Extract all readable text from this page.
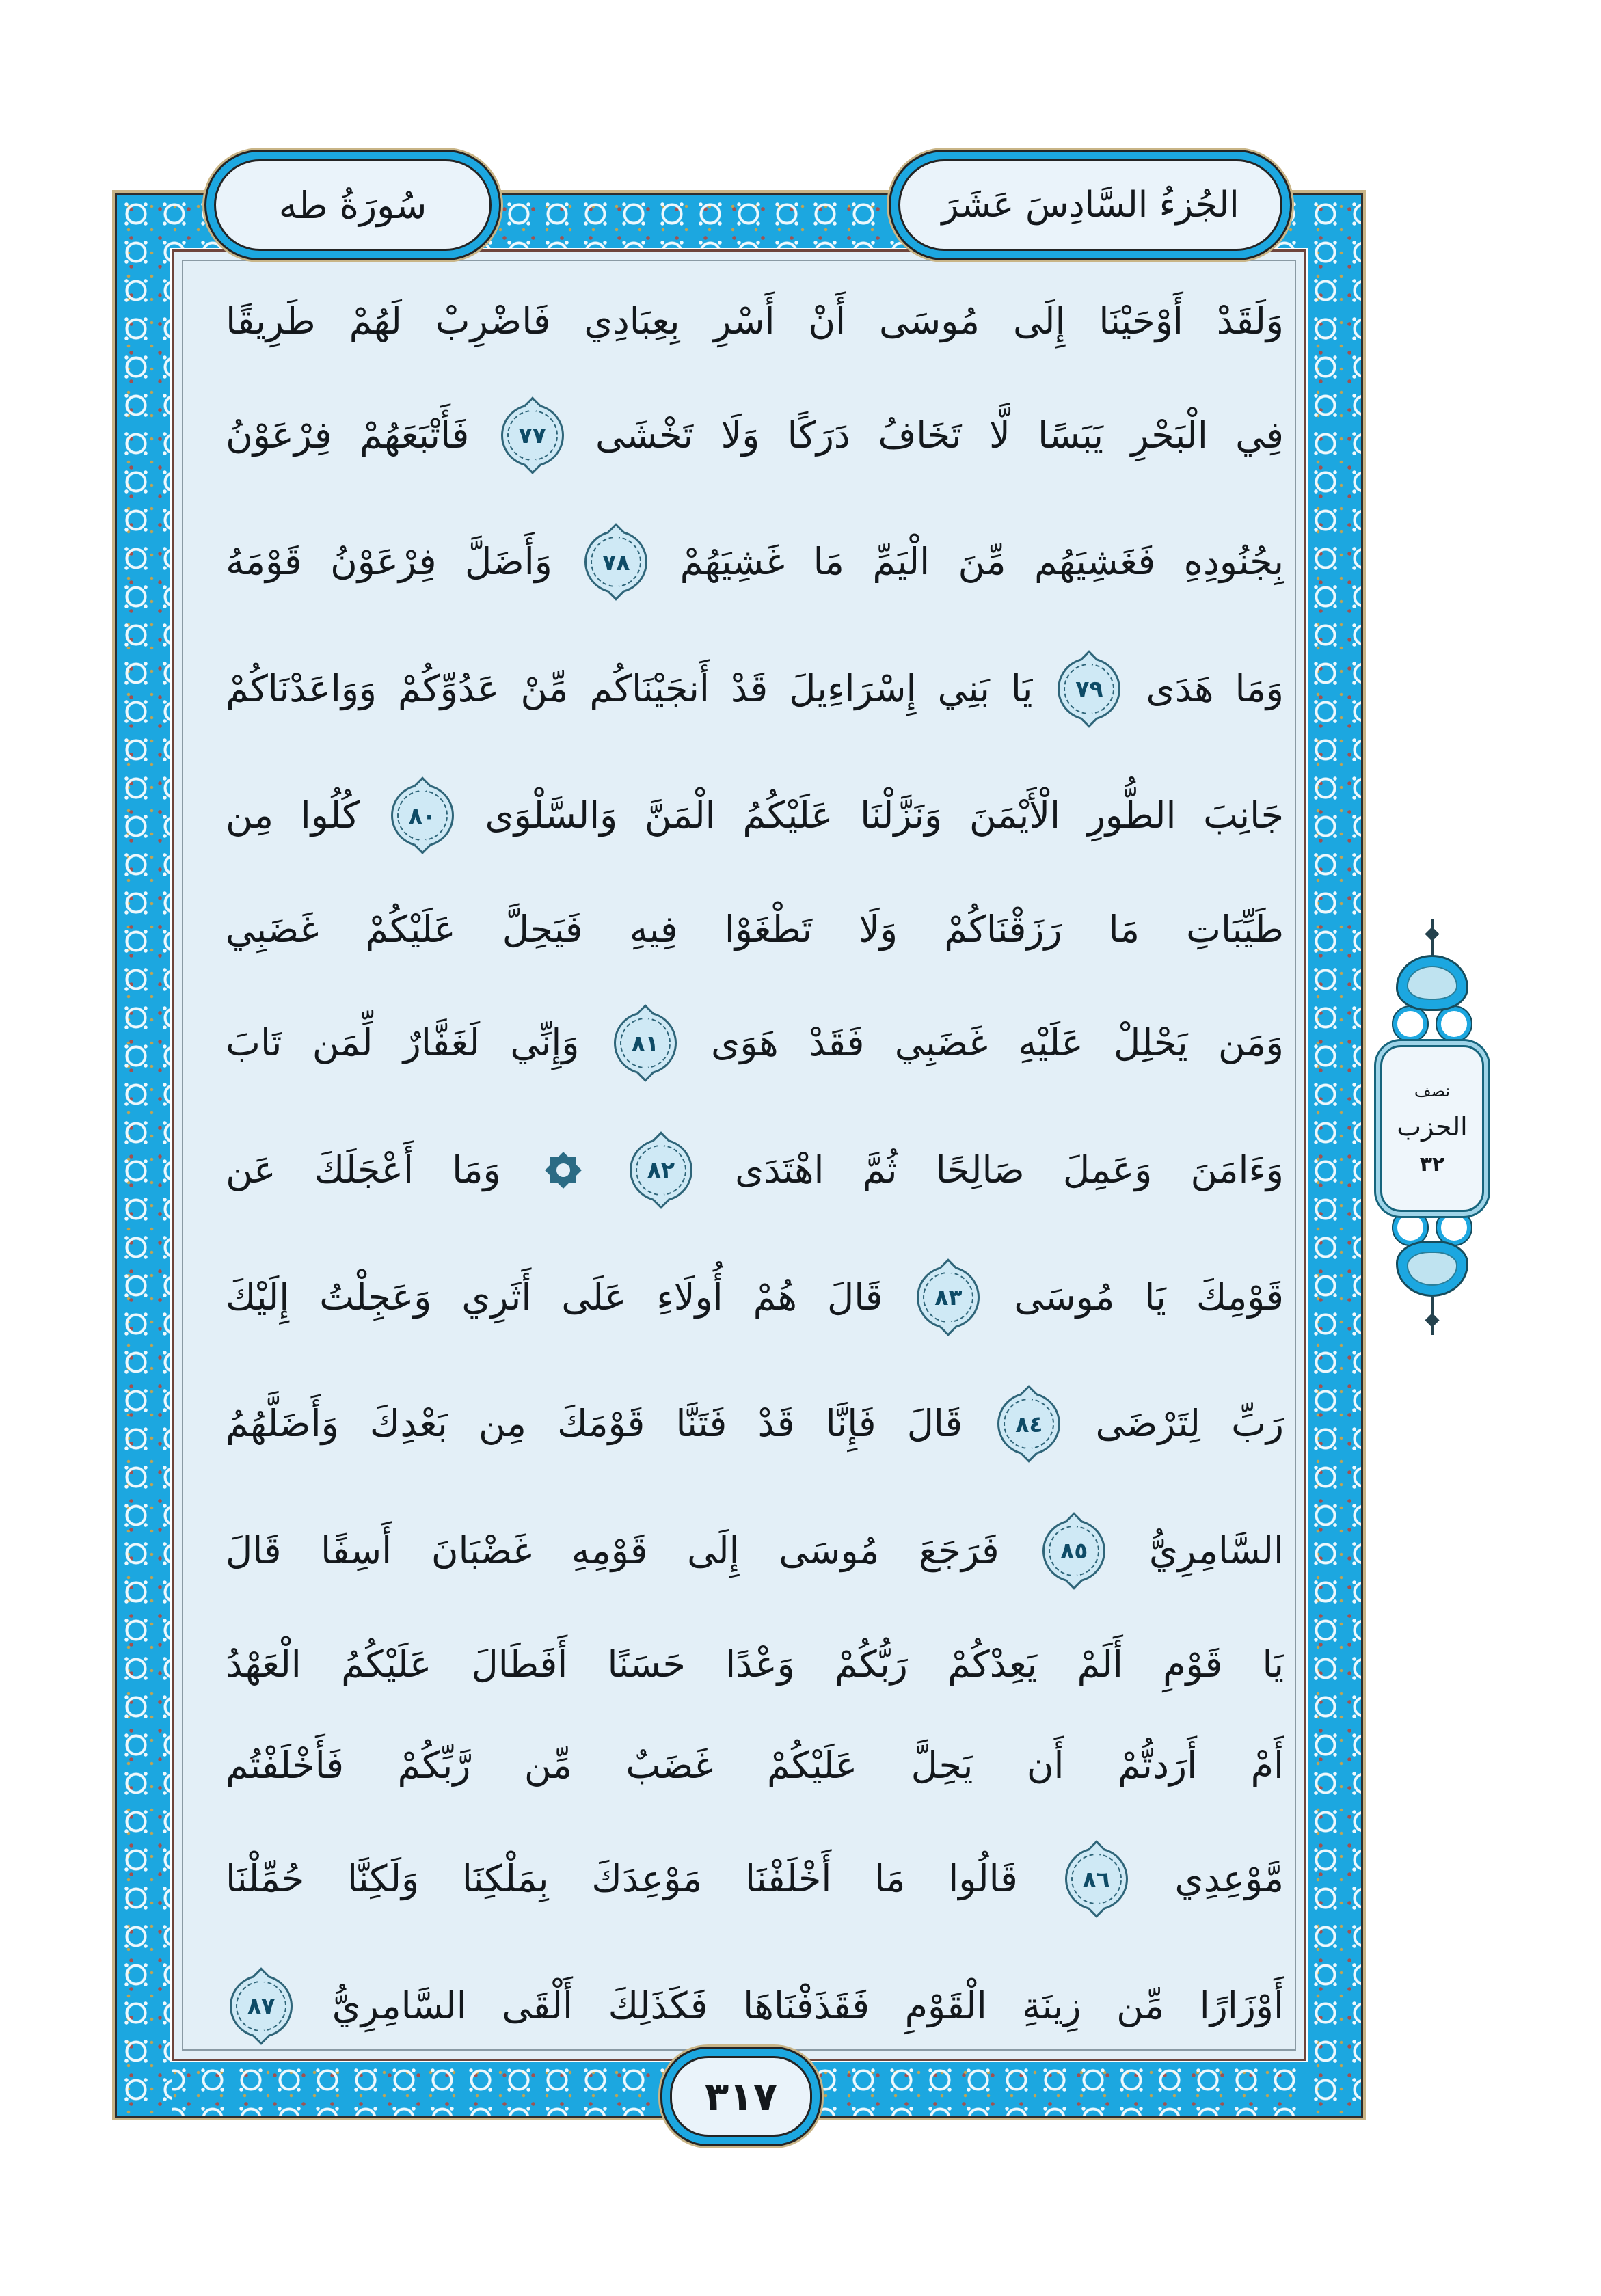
سُورَةُ طه	الجُزءُ السَّادِسَ عَشَرَ
وَلَقَدْ
أَوْحَيْنَا
إِلَى
مُوسَى
أَنْ
أَسْرِ
بِعِبَادِي
فَاضْرِبْ
لَهُمْ
طَرِيقًا
فِي
الْبَحْرِ
يَبَسًا
لَّا
تَخَافُ
دَرَكًا
وَلَا
تَخْشَى
٧٧
فَأَتْبَعَهُمْ
فِرْعَوْنُ
بِجُنُودِهِ
فَغَشِيَهُم
مِّنَ
الْيَمِّ
مَا
غَشِيَهُمْ
٧٨
وَأَضَلَّ
فِرْعَوْنُ
قَوْمَهُ
وَمَا
هَدَى
٧٩
يَا
بَنِي
إِسْرَاءِيلَ
قَدْ
أَنجَيْنَاكُم
مِّنْ
عَدُوِّكُمْ
وَوَاعَدْنَاكُمْ
جَانِبَ
الطُّورِ
الْأَيْمَنَ
وَنَزَّلْنَا
عَلَيْكُمُ
الْمَنَّ
وَالسَّلْوَى
٨٠
كُلُوا
مِن
طَيِّبَاتِ
مَا
رَزَقْنَاكُمْ
وَلَا
تَطْغَوْا
فِيهِ
فَيَحِلَّ
عَلَيْكُمْ
غَضَبِي
وَمَن
يَحْلِلْ
عَلَيْهِ
غَضَبِي
فَقَدْ
هَوَى
٨١
وَإِنِّي
لَغَفَّارٌ
لِّمَن
تَابَ
وَءَامَنَ
وَعَمِلَ
صَالِحًا
ثُمَّ
اهْتَدَى
٨٢
وَمَا
أَعْجَلَكَ
عَن
قَوْمِكَ
يَا
مُوسَى
٨٣
قَالَ
هُمْ
أُولَاءِ
عَلَى
أَثَرِي
وَعَجِلْتُ
إِلَيْكَ
رَبِّ
لِتَرْضَى
٨٤
قَالَ
فَإِنَّا
قَدْ
فَتَنَّا
قَوْمَكَ
مِن
بَعْدِكَ
وَأَضَلَّهُمُ
السَّامِرِيُّ
٨٥
فَرَجَعَ
مُوسَى
إِلَى
قَوْمِهِ
غَضْبَانَ
أَسِفًا
قَالَ
يَا
قَوْمِ
أَلَمْ
يَعِدْكُمْ
رَبُّكُمْ
وَعْدًا
حَسَنًا
أَفَطَالَ
عَلَيْكُمُ
الْعَهْدُ
أَمْ
أَرَدتُّمْ
أَن
يَحِلَّ
عَلَيْكُمْ
غَضَبٌ
مِّن
رَّبِّكُمْ
فَأَخْلَفْتُم
مَّوْعِدِي
٨٦
قَالُوا
مَا
أَخْلَفْنَا
مَوْعِدَكَ
بِمَلْكِنَا
وَلَكِنَّا
حُمِّلْنَا
أَوْزَارًا
مِّن
زِينَةِ
الْقَوْمِ
فَقَذَفْنَاهَا
فَكَذَلِكَ
أَلْقَى
السَّامِرِيُّ
٨٧
٣١٧
نصف
الحزب
٣٢
